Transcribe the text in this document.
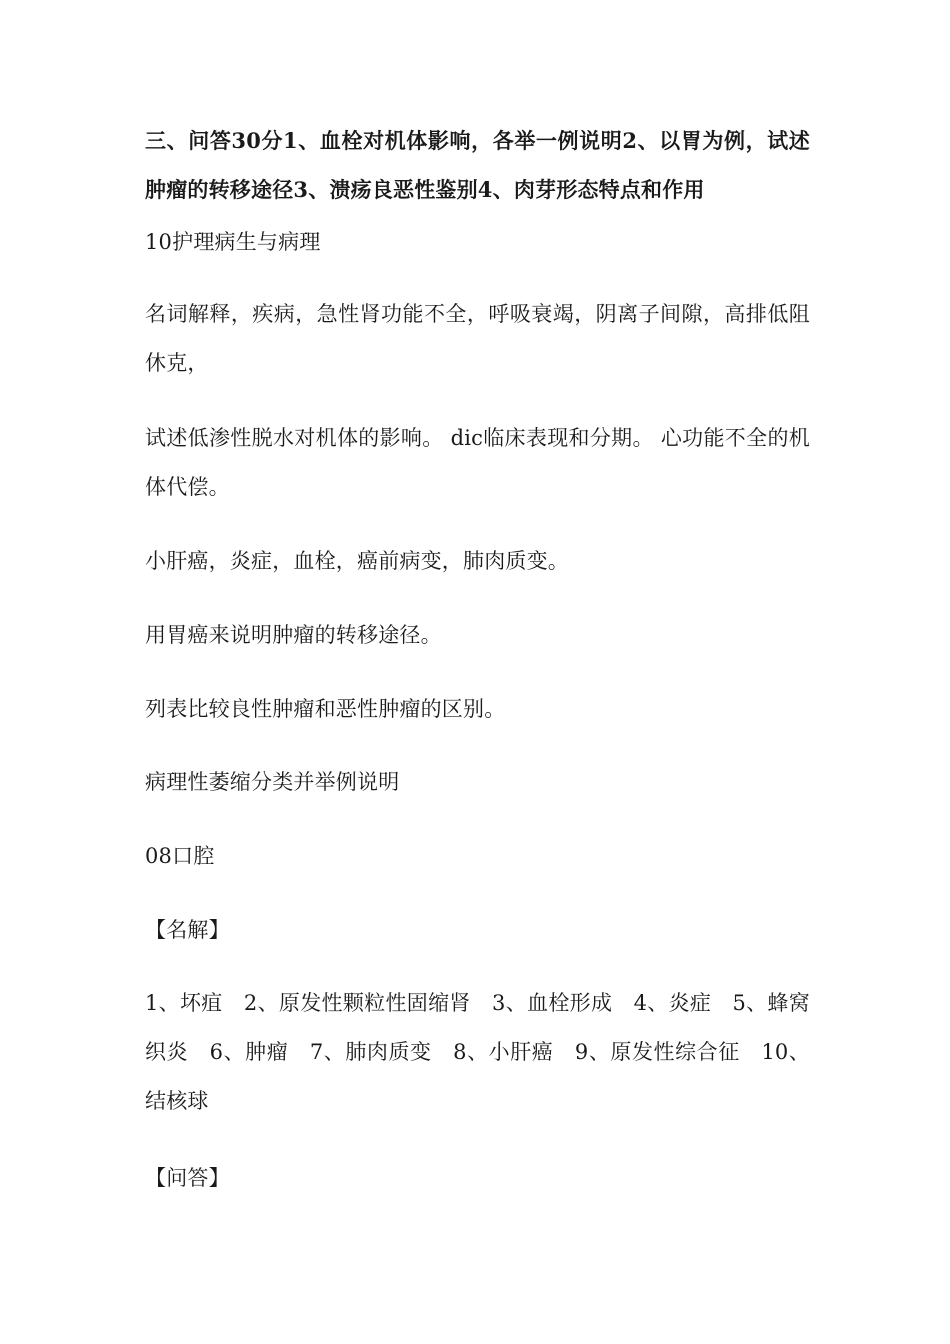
三、问答30分1、血栓对机体影响，各举一例说明2、以胃为例，试述肿瘤的转移途径3、溃疡良恶性鉴别4、肉芽形态特点和作用

10护理病生与病理

名词解释，疾病，急性肾功能不全，呼吸衰竭，阴离子间隙，高排低阻休克，

试述低渗性脱水对机体的影响。 dic临床表现和分期。 心功能不全的机体代偿。

小肝癌，炎症，血栓，癌前病变，肺肉质变。

用胃癌来说明肿瘤的转移途径。

列表比较良性肿瘤和恶性肿瘤的区别。

病理性萎缩分类并举例说明

08口腔

【名解】

1、坏疽　2、原发性颗粒性固缩肾　3、血栓形成　4、炎症　5、蜂窝织炎　6、肿瘤　7、肺肉质变　8、小肝癌　9、原发性综合征　10、结核球

【问答】
